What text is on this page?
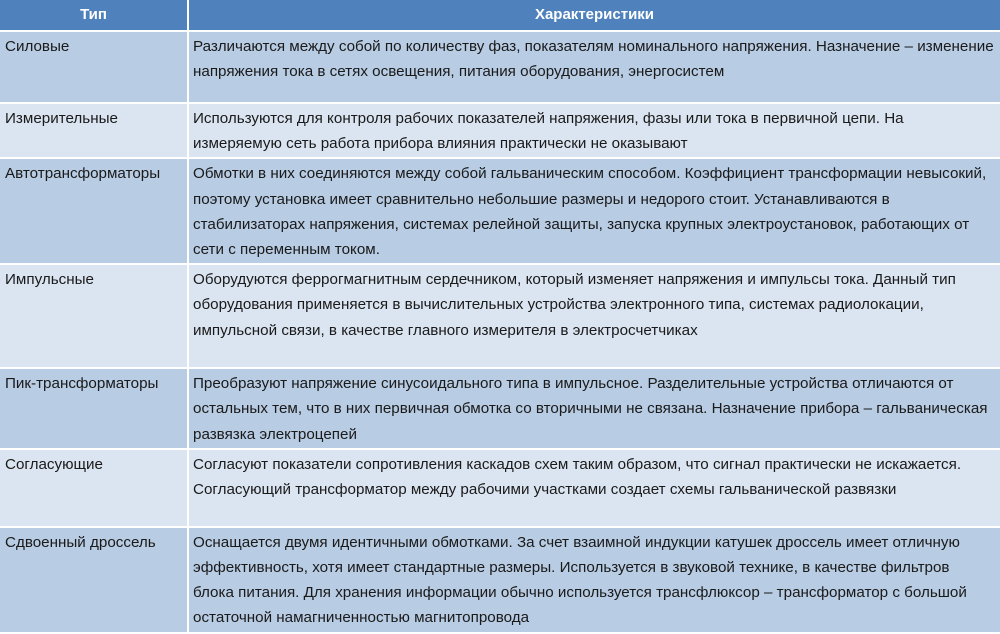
Тип	Характеристики
Силовые	Различаются между собой по количеству фаз, показателям номинального напряжения. Назначение – изменение напряжения тока в сетях освещения, питания оборудования, энергосистем
Измерительные	Используются для контроля рабочих показателей напряжения, фазы или тока в первичной цепи. На измеряемую сеть работа прибора влияния практически не оказывают
Автотрансформаторы	Обмотки в них соединяются между собой гальваническим способом. Коэффициент трансформации невысокий, поэтому установка имеет сравнительно небольшие размеры и недорого стоит. Устанавливаются в стабилизаторах напряжения, системах релейной защиты, запуска крупных электроустановок, работающих от сети с переменным током.
Импульсные	Оборудуются феррогмагнитным сердечником, который изменяет напряжения и импульсы тока. Данный тип оборудования применяется в вычислительных устройства электронного типа, системах радиолокации, импульсной связи, в качестве главного измерителя в электросчетчиках
Пик-трансформаторы	Преобразуют напряжение синусоидального типа в импульсное. Разделительные устройства отличаются от остальных тем, что в них первичная обмотка со вторичными не связана. Назначение прибора – гальваническая развязка электроцепей
Согласующие	Согласуют показатели сопротивления каскадов схем таким образом, что сигнал практически не искажается. Согласующий трансформатор между рабочими участками создает схемы гальванической развязки
Сдвоенный дроссель	Оснащается двумя идентичными обмотками. За счет взаимной индукции катушек дроссель имеет отличную эффективность, хотя имеет стандартные размеры. Используется в звуковой технике, в качестве фильтров блока питания. Для хранения информации обычно используется трансфлюксор – трансформатор с большой остаточной намагниченностью магнитопровода
